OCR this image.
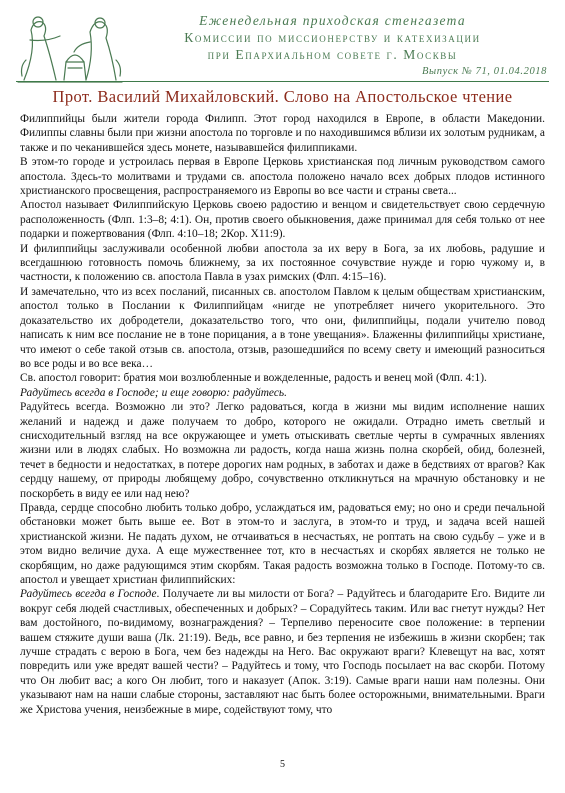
Еженедельная приходская стенгазета
Комиссии по миссионерству и катехизации
при Епархиальном совете г. Москвы
Выпуск № 71, 01.04.2018
Прот. Василий Михайловский. Слово на Апостольское чтение

Филиппийцы были жители города Филипп. Этот город находился в Европе, в области Македонии. Филиппы славны были при жизни апостола по торговле и по находившимся вблизи их золотым рудникам, а также и по чеканившейся здесь монете, называвшейся филиппиками.

В этом-то городе и устроилась первая в Европе Церковь христианская под личным руководством самого апостола. Здесь-то молитвами и трудами св. апостола положено начало всех добрых плодов истинного христианского просвещения, распространяемого из Европы во все части и страны света...

Апостол называет Филиппийскую Церковь своею радостию и венцом и свидетельствует свою сердечную расположенность (Флп. 1:3–8; 4:1). Он, против своего обыкновения, даже принимал для себя только от нее подарки и пожертвования (Флп. 4:10–18; 2Кор. X11:9).

И филиппийцы заслуживали особенной любви апостола за их веру в Бога, за их любовь, радушие и всегдашнюю готовность помочь ближнему, за их постоянное сочувствие нужде и горю чужому и, в частности, к положению св. апостола Павла в узах римских (Флп. 4:15–16).

И замечательно, что из всех посланий, писанных св. апостолом Павлом к целым обществам христианским, апостол только в Послании к Филиппийцам «нигде не употребляет ничего укорительного. Это доказательство их добродетели, доказательство того, что они, филиппийцы, подали учителю повод написать к ним все послание не в тоне порицания, а в тоне увещания». Блаженны филиппийцы христиане, что имеют о себе такой отзыв св. апостола, отзыв, разошедшийся по всему свету и имеющий разноситься во все роды и во все века…

Св. апостол говорит: братия мои возлюбленные и вожделенные, радость и венец мой (Флп. 4:1).

Радуйтесь всегда в Господе; и еще говорю: радуйтесь.

Радуйтесь всегда. Возможно ли это? Легко радоваться, когда в жизни мы видим исполнение наших желаний и надежд и даже получаем то добро, которого не ожидали. Отрадно иметь светлый и снисходительный взгляд на все окружающее и уметь отыскивать светлые черты в сумрачных явлениях жизни или в людях слабых. Но возможна ли радость, когда наша жизнь полна скорбей, обид, болезней, течет в бедности и недостатках, в потере дорогих нам родных, в заботах и даже в бедствиях от врагов? Как сердцу нашему, от природы любящему добро, сочувственно откликнуться на мрачную обстановку и не поскорбеть в виду ее или над нею?

Правда, сердце способно любить только добро, услаждаться им, радоваться ему; но оно и среди печальной обстановки может быть выше ее. Вот в этом-то и заслуга, в этом-то и труд, и задача всей нашей христианской жизни. Не падать духом, не отчаиваться в несчастьях, не роптать на свою судьбу – уже и в этом видно величие духа. А еще мужественнее тот, кто в несчастьях и скорбях является не только не скорбящим, но даже радующимся этим скорбям. Такая радость возможна только в Господе. Потому-то св. апостол и увещает христиан филиппийских:

Радуйтесь всегда в Господе. Получаете ли вы милости от Бога? – Радуйтесь и благодарите Его. Видите ли вокруг себя людей счастливых, обеспеченных и добрых? – Сорадуйтесь таким. Или вас гнетут нужды? Нет вам достойного, по-видимому, вознаграждения? – Терпеливо переносите свое положение: в терпении вашем стяжите души ваша (Лк. 21:19). Ведь, все равно, и без терпения не избежишь в жизни скорбен; так лучше страдать с верою в Бога, чем без надежды на Него. Вас окружают враги? Клевещут на вас, хотят повредить или уже вредят вашей чести? – Радуйтесь и тому, что Господь посылает на вас скорби. Потому что Он любит вас; а кого Он любит, того и наказует (Апок. 3:19). Самые враги наши нам полезны. Они указывают нам на наши слабые стороны, заставляют нас быть более осторожными, внимательными. Враги же Христова учения, неизбежные в мире, содействуют тому, что

5
